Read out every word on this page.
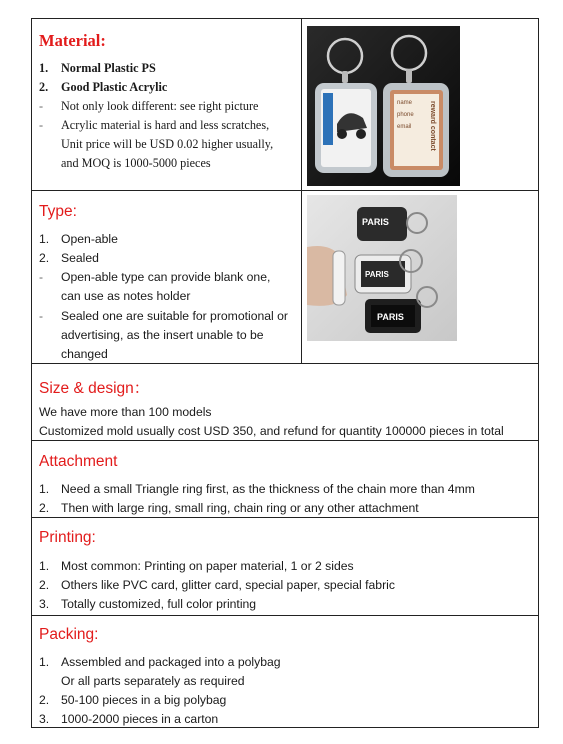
Material:
1. Normal Plastic PS
2. Good Plastic Acrylic
- Not only look different: see right picture
- Acrylic material is hard and less scratches,
Unit price will be USD 0.02 higher usually,
and MOQ is 1000-5000 pieces
name
phone
email	reward contact
Type:
1. Open-able
2. Sealed
- Open-able type can provide blank one,
can use as notes holder
- Sealed one are suitable for promotional or
advertising, as the insert unable to be
changed
PARIS
PARIS
PARIS
Size & design：
We have more than 100 models
Customized mold usually cost USD 350, and refund for quantity 100000 pieces in total
Attachment
1. Need a small Triangle ring first, as the thickness of the chain more than 4mm
2. Then with large ring, small ring, chain ring or any other attachment
Printing:
1. Most common: Printing on paper material, 1 or 2 sides
2. Others like PVC card, glitter card, special paper, special fabric
3. Totally customized, full color printing
Packing:
1. Assembled and packaged into a polybag
Or all parts separately as required
2. 50-100 pieces in a big polybag
3. 1000-2000 pieces in a carton
